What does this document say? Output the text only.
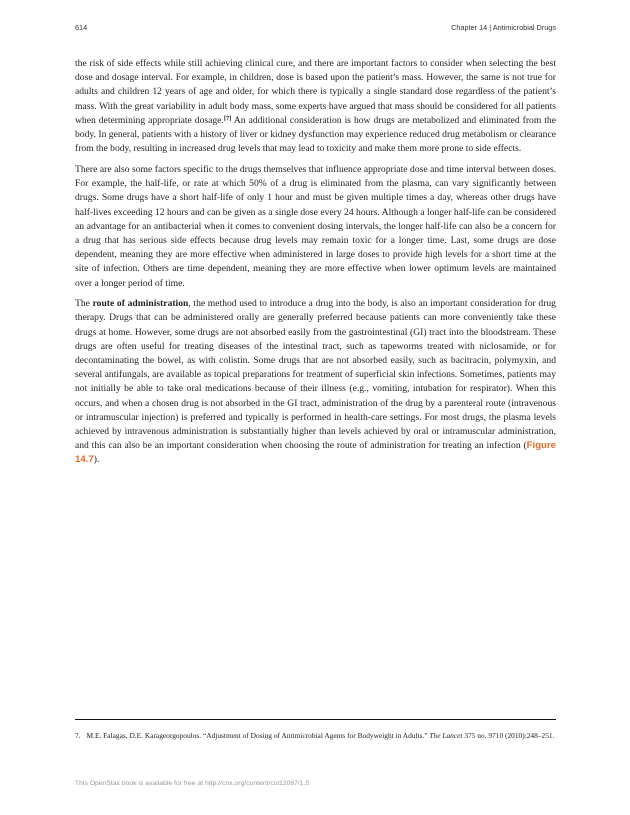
614	Chapter 14 | Antimicrobial Drugs

the risk of side effects while still achieving clinical cure, and there are important factors to consider when selecting the best dose and dosage interval. For example, in children, dose is based upon the patient’s mass. However, the same is not true for adults and children 12 years of age and older, for which there is typically a single standard dose regardless of the patient’s mass. With the great variability in adult body mass, some experts have argued that mass should be considered for all patients when determining appropriate dosage.[7] An additional consideration is how drugs are metabolized and eliminated from the body. In general, patients with a history of liver or kidney dysfunction may experience reduced drug metabolism or clearance from the body, resulting in increased drug levels that may lead to toxicity and make them more prone to side effects.

There are also some factors specific to the drugs themselves that influence appropriate dose and time interval between doses. For example, the half-life, or rate at which 50% of a drug is eliminated from the plasma, can vary significantly between drugs. Some drugs have a short half-life of only 1 hour and must be given multiple times a day, whereas other drugs have half-lives exceeding 12 hours and can be given as a single dose every 24 hours. Although a longer half-life can be considered an advantage for an antibacterial when it comes to convenient dosing intervals, the longer half-life can also be a concern for a drug that has serious side effects because drug levels may remain toxic for a longer time. Last, some drugs are dose dependent, meaning they are more effective when administered in large doses to provide high levels for a short time at the site of infection. Others are time dependent, meaning they are more effective when lower optimum levels are maintained over a longer period of time.

The route of administration, the method used to introduce a drug into the body, is also an important consideration for drug therapy. Drugs that can be administered orally are generally preferred because patients can more conveniently take these drugs at home. However, some drugs are not absorbed easily from the gastrointestinal (GI) tract into the bloodstream. These drugs are often useful for treating diseases of the intestinal tract, such as tapeworms treated with niclosamide, or for decontaminating the bowel, as with colistin. Some drugs that are not absorbed easily, such as bacitracin, polymyxin, and several antifungals, are available as topical preparations for treatment of superficial skin infections. Sometimes, patients may not initially be able to take oral medications because of their illness (e.g., vomiting, intubation for respirator). When this occurs, and when a chosen drug is not absorbed in the GI tract, administration of the drug by a parenteral route (intravenous or intramuscular injection) is preferred and typically is performed in health-care settings. For most drugs, the plasma levels achieved by intravenous administration is substantially higher than levels achieved by oral or intramuscular administration, and this can also be an important consideration when choosing the route of administration for treating an infection (Figure 14.7).

7. M.E. Falagas, D.E. Karageorgopoulos. “Adjustment of Dosing of Antimicrobial Agents for Bodyweight in Adults.” The Lancet 375 no. 9710 (2010):248–251.
This OpenStax book is available for free at http://cnx.org/content/col12087/1.5
